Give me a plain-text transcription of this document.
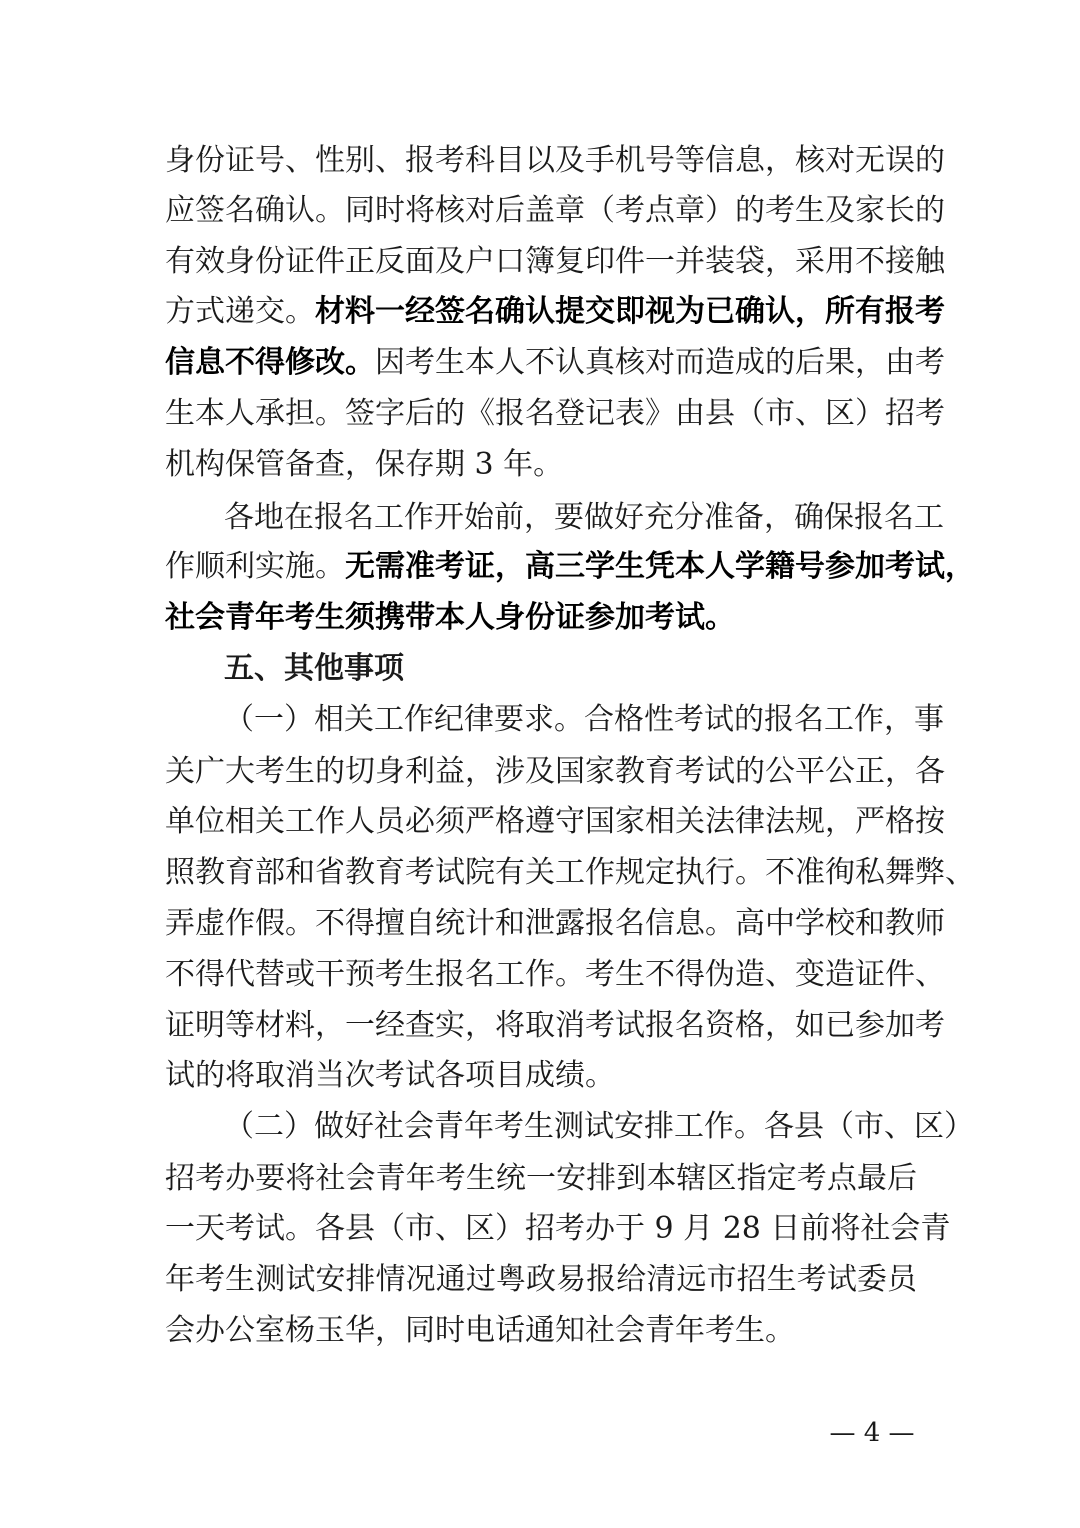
身份证号、性别、报考科目以及手机号等信息，核对无误的
应签名确认。同时将核对后盖章（考点章）的考生及家长的
有效身份证件正反面及户口簿复印件一并装袋，采用不接触
方式递交。材料一经签名确认提交即视为已确认，所有报考
信息不得修改。因考生本人不认真核对而造成的后果，由考
生本人承担。签字后的《报名登记表》由县（市、区）招考
机构保管备查，保存期 3 年。
各地在报名工作开始前，要做好充分准备，确保报名工
作顺利实施。无需准考证，高三学生凭本人学籍号参加考试，
社会青年考生须携带本人身份证参加考试。
五、其他事项
（一）相关工作纪律要求。合格性考试的报名工作，事
关广大考生的切身利益，涉及国家教育考试的公平公正，各
单位相关工作人员必须严格遵守国家相关法律法规，严格按
照教育部和省教育考试院有关工作规定执行。不准徇私舞弊、
弄虚作假。不得擅自统计和泄露报名信息。高中学校和教师
不得代替或干预考生报名工作。考生不得伪造、变造证件、
证明等材料，一经查实，将取消考试报名资格，如已参加考
试的将取消当次考试各项目成绩。
（二）做好社会青年考生测试安排工作。各县（市、区）
招考办要将社会青年考生统一安排到本辖区指定考点最后
一天考试。各县（市、区）招考办于 9 月 28 日前将社会青
年考生测试安排情况通过粤政易报给清远市招生考试委员
会办公室杨玉华，同时电话通知社会青年考生。
— 4 —
